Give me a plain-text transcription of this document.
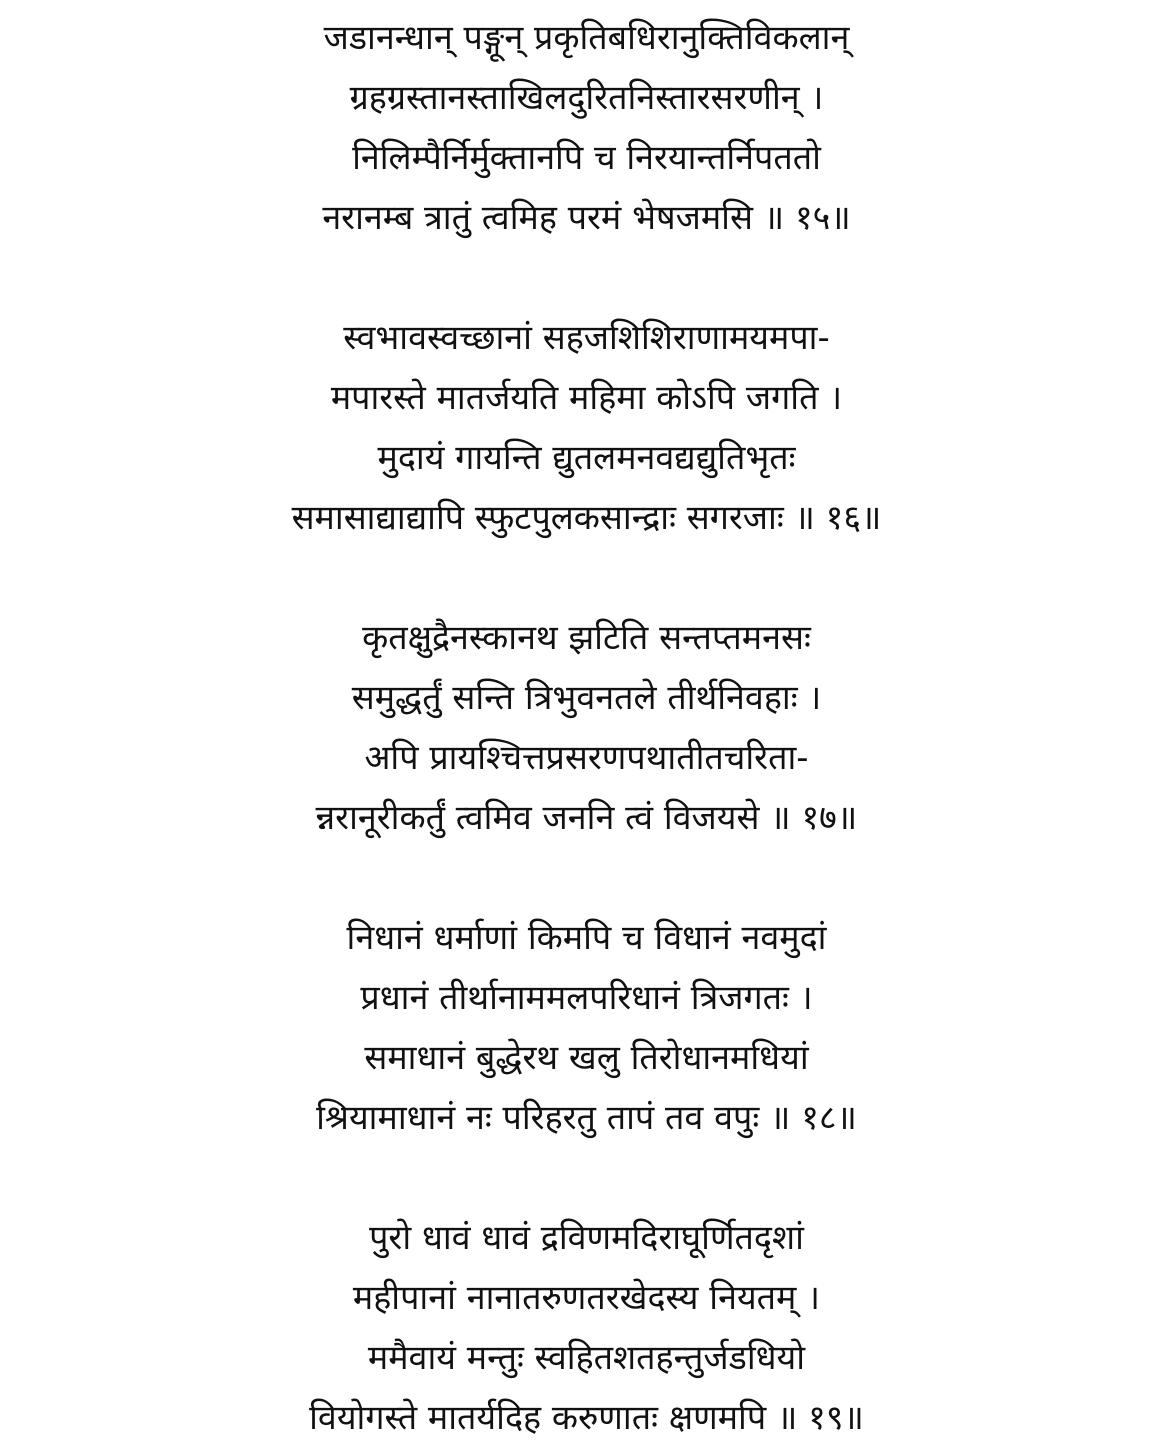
जडानन्धान् पङ्गून् प्रकृतिबधिरानुक्तिविकलान्
ग्रहग्रस्तानस्ताखिलदुरितनिस्तारसरणीन् ।
निलिम्पैर्निर्मुक्तानपि च निरयान्तर्निपततो
नरानम्ब त्रातुं त्वमिह परमं भेषजमसि ॥ १५॥
स्वभावस्वच्छानां सहजशिशिराणामयमपा-
मपारस्ते मातर्जयति महिमा कोऽपि जगति ।
मुदायं गायन्ति द्युतलमनवद्यद्युतिभृतः
समासाद्याद्यापि स्फुटपुलकसान्द्राः सगरजाः ॥ १६॥
कृतक्षुद्रैनस्कानथ झटिति सन्तप्तमनसः
समुद्धर्तुं सन्ति त्रिभुवनतले तीर्थनिवहाः ।
अपि प्रायश्चित्तप्रसरणपथातीतचरिता-
न्नरानूरीकर्तुं त्वमिव जननि त्वं विजयसे ॥ १७॥
निधानं धर्माणां किमपि च विधानं नवमुदां
प्रधानं तीर्थानाममलपरिधानं त्रिजगतः ।
समाधानं बुद्धेरथ खलु तिरोधानमधियां
श्रियामाधानं नः परिहरतु तापं तव वपुः ॥ १८॥
पुरो धावं धावं द्रविणमदिराघूर्णितदृशां
महीपानां नानातरुणतरखेदस्य नियतम् ।
ममैवायं मन्तुः स्वहितशतहन्तुर्जडधियो
वियोगस्ते मातर्यदिह करुणातः क्षणमपि ॥ १९॥
